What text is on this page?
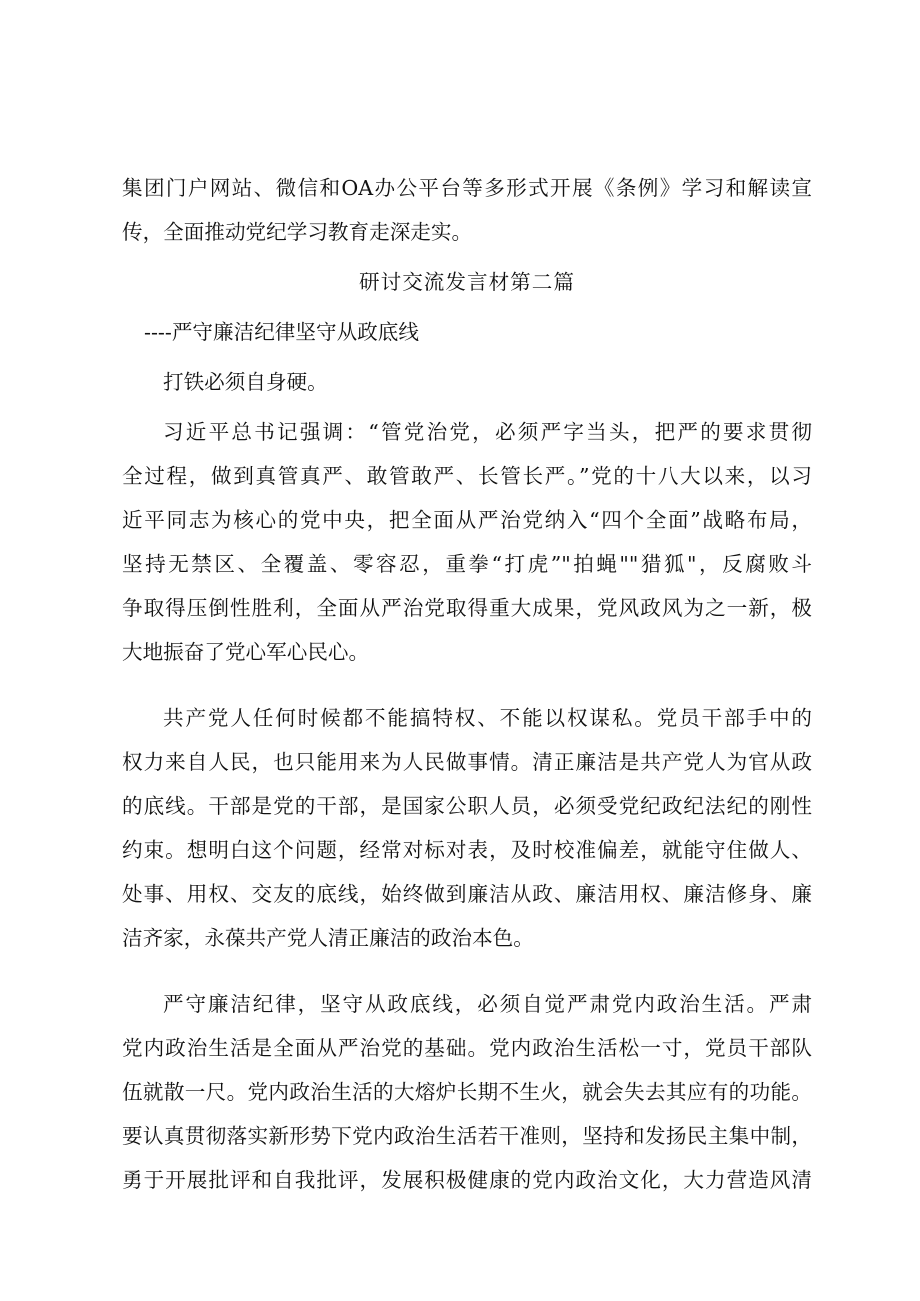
集团门户网站、微信和OA办公平台等多形式开展《条例》学习和解读宣
传，全面推动党纪学习教育走深走实。
研讨交流发言材第二篇
----严守廉洁纪律坚守从政底线
打铁必须自身硬。
习近平总书记强调：“管党治党，必须严字当头，把严的要求贯彻
全过程，做到真管真严、敢管敢严、长管长严。”党的十八大以来，以习
近平同志为核心的党中央，把全面从严治党纳入“四个全面”战略布局，
坚持无禁区、全覆盖、零容忍，重拳“打虎”"拍蝇""猎狐"，反腐败斗
争取得压倒性胜利，全面从严治党取得重大成果，党风政风为之一新，极
大地振奋了党心军心民心。
共产党人任何时候都不能搞特权、不能以权谋私。党员干部手中的
权力来自人民，也只能用来为人民做事情。清正廉洁是共产党人为官从政
的底线。干部是党的干部，是国家公职人员，必须受党纪政纪法纪的刚性
约束。想明白这个问题，经常对标对表，及时校准偏差，就能守住做人、
处事、用权、交友的底线，始终做到廉洁从政、廉洁用权、廉洁修身、廉
洁齐家，永葆共产党人清正廉洁的政治本色。
严守廉洁纪律，坚守从政底线，必须自觉严肃党内政治生活。严肃
党内政治生活是全面从严治党的基础。党内政治生活松一寸，党员干部队
伍就散一尺。党内政治生活的大熔炉长期不生火，就会失去其应有的功能。
要认真贯彻落实新形势下党内政治生活若干准则，坚持和发扬民主集中制，
勇于开展批评和自我批评，发展积极健康的党内政治文化，大力营造风清
